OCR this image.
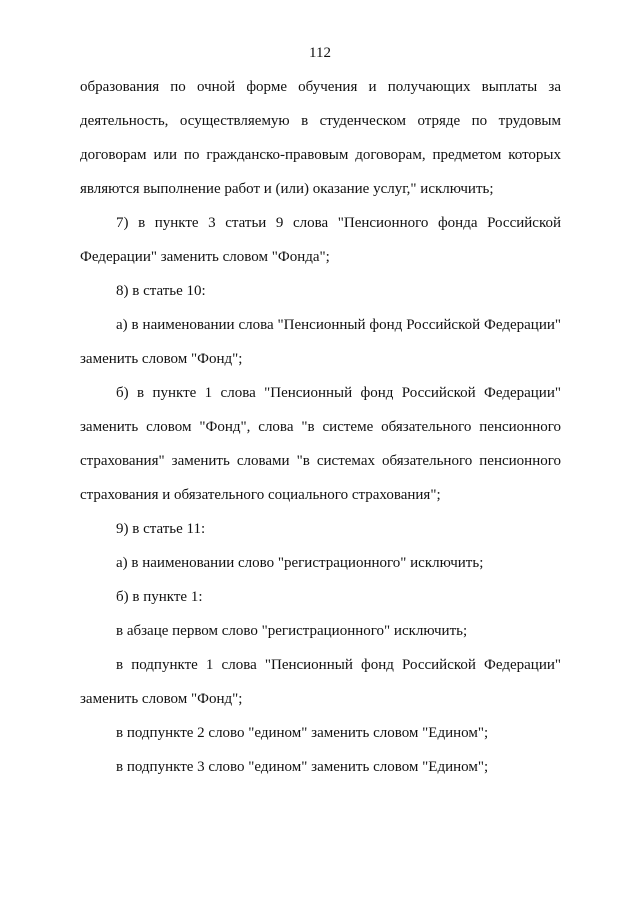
112

образования по очной форме обучения и получающих выплаты за деятельность, осуществляемую в студенческом отряде по трудовым договорам или по гражданско-правовым договорам, предметом которых являются выполнение работ и (или) оказание услуг," исключить;

7) в пункте 3 статьи 9 слова "Пенсионного фонда Российской Федерации" заменить словом "Фонда";

8) в статье 10:

а) в наименовании слова "Пенсионный фонд Российской Федерации" заменить словом "Фонд";

б) в пункте 1 слова "Пенсионный фонд Российской Федерации" заменить словом "Фонд", слова "в системе обязательного пенсионного страхования" заменить словами "в системах обязательного пенсионного страхования и обязательного социального страхования";

9) в статье 11:

а) в наименовании слово "регистрационного" исключить;

б) в пункте 1:

в абзаце первом слово "регистрационного" исключить;

в подпункте 1 слова "Пенсионный фонд Российской Федерации" заменить словом "Фонд";

в подпункте 2 слово "едином" заменить словом "Едином";

в подпункте 3 слово "едином" заменить словом "Едином";
